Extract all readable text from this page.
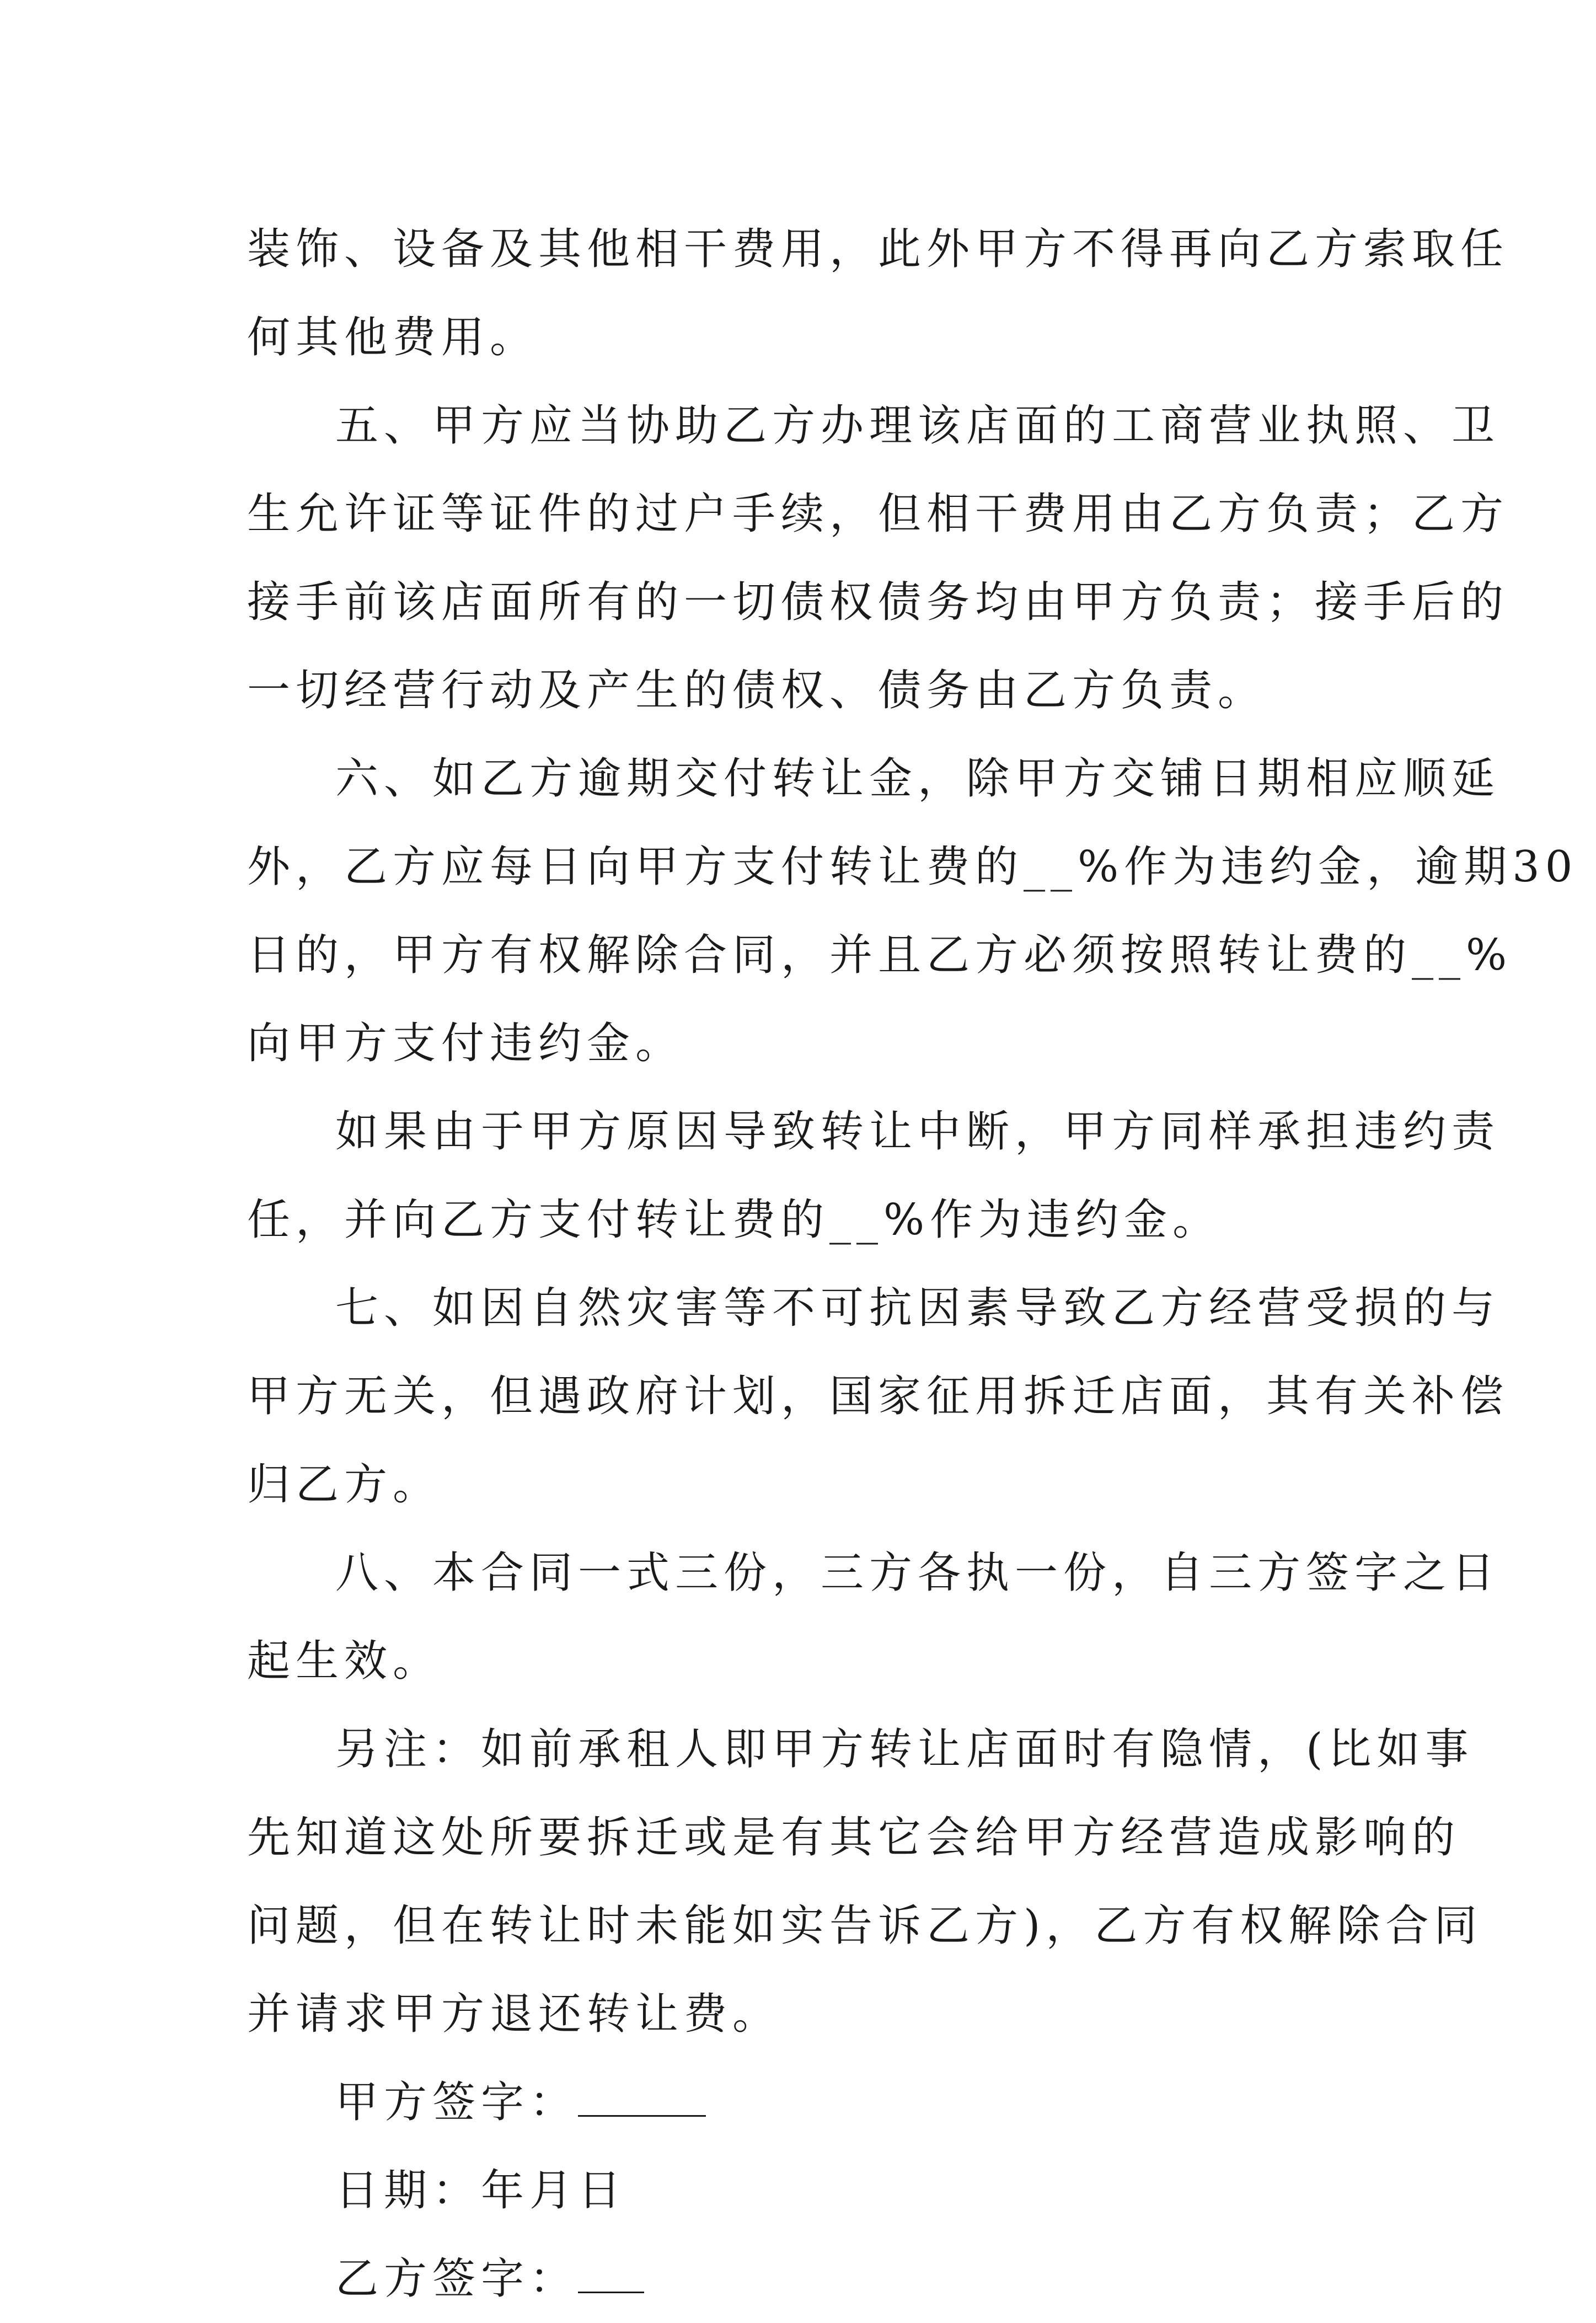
装饰、设备及其他相干费用，此外甲方不得再向乙方索取任
何其他费用。
五、甲方应当协助乙方办理该店面的工商营业执照、卫
生允许证等证件的过户手续，但相干费用由乙方负责；乙方
接手前该店面所有的一切债权债务均由甲方负责；接手后的
一切经营行动及产生的债权、债务由乙方负责。
六、如乙方逾期交付转让金，除甲方交铺日期相应顺延
外，乙方应每日向甲方支付转让费的__%作为违约金，逾期30
日的，甲方有权解除合同，并且乙方必须按照转让费的__%
向甲方支付违约金。
如果由于甲方原因导致转让中断，甲方同样承担违约责
任，并向乙方支付转让费的__%作为违约金。
七、如因自然灾害等不可抗因素导致乙方经营受损的与
甲方无关，但遇政府计划，国家征用拆迁店面，其有关补偿
归乙方。
八、本合同一式三份，三方各执一份，自三方签字之日
起生效。
另注：如前承租人即甲方转让店面时有隐情，(比如事
先知道这处所要拆迁或是有其它会给甲方经营造成影响的
问题，但在转让时未能如实告诉乙方)，乙方有权解除合同
并请求甲方退还转让费。
甲方签字：
日期：年月日
乙方签字：
